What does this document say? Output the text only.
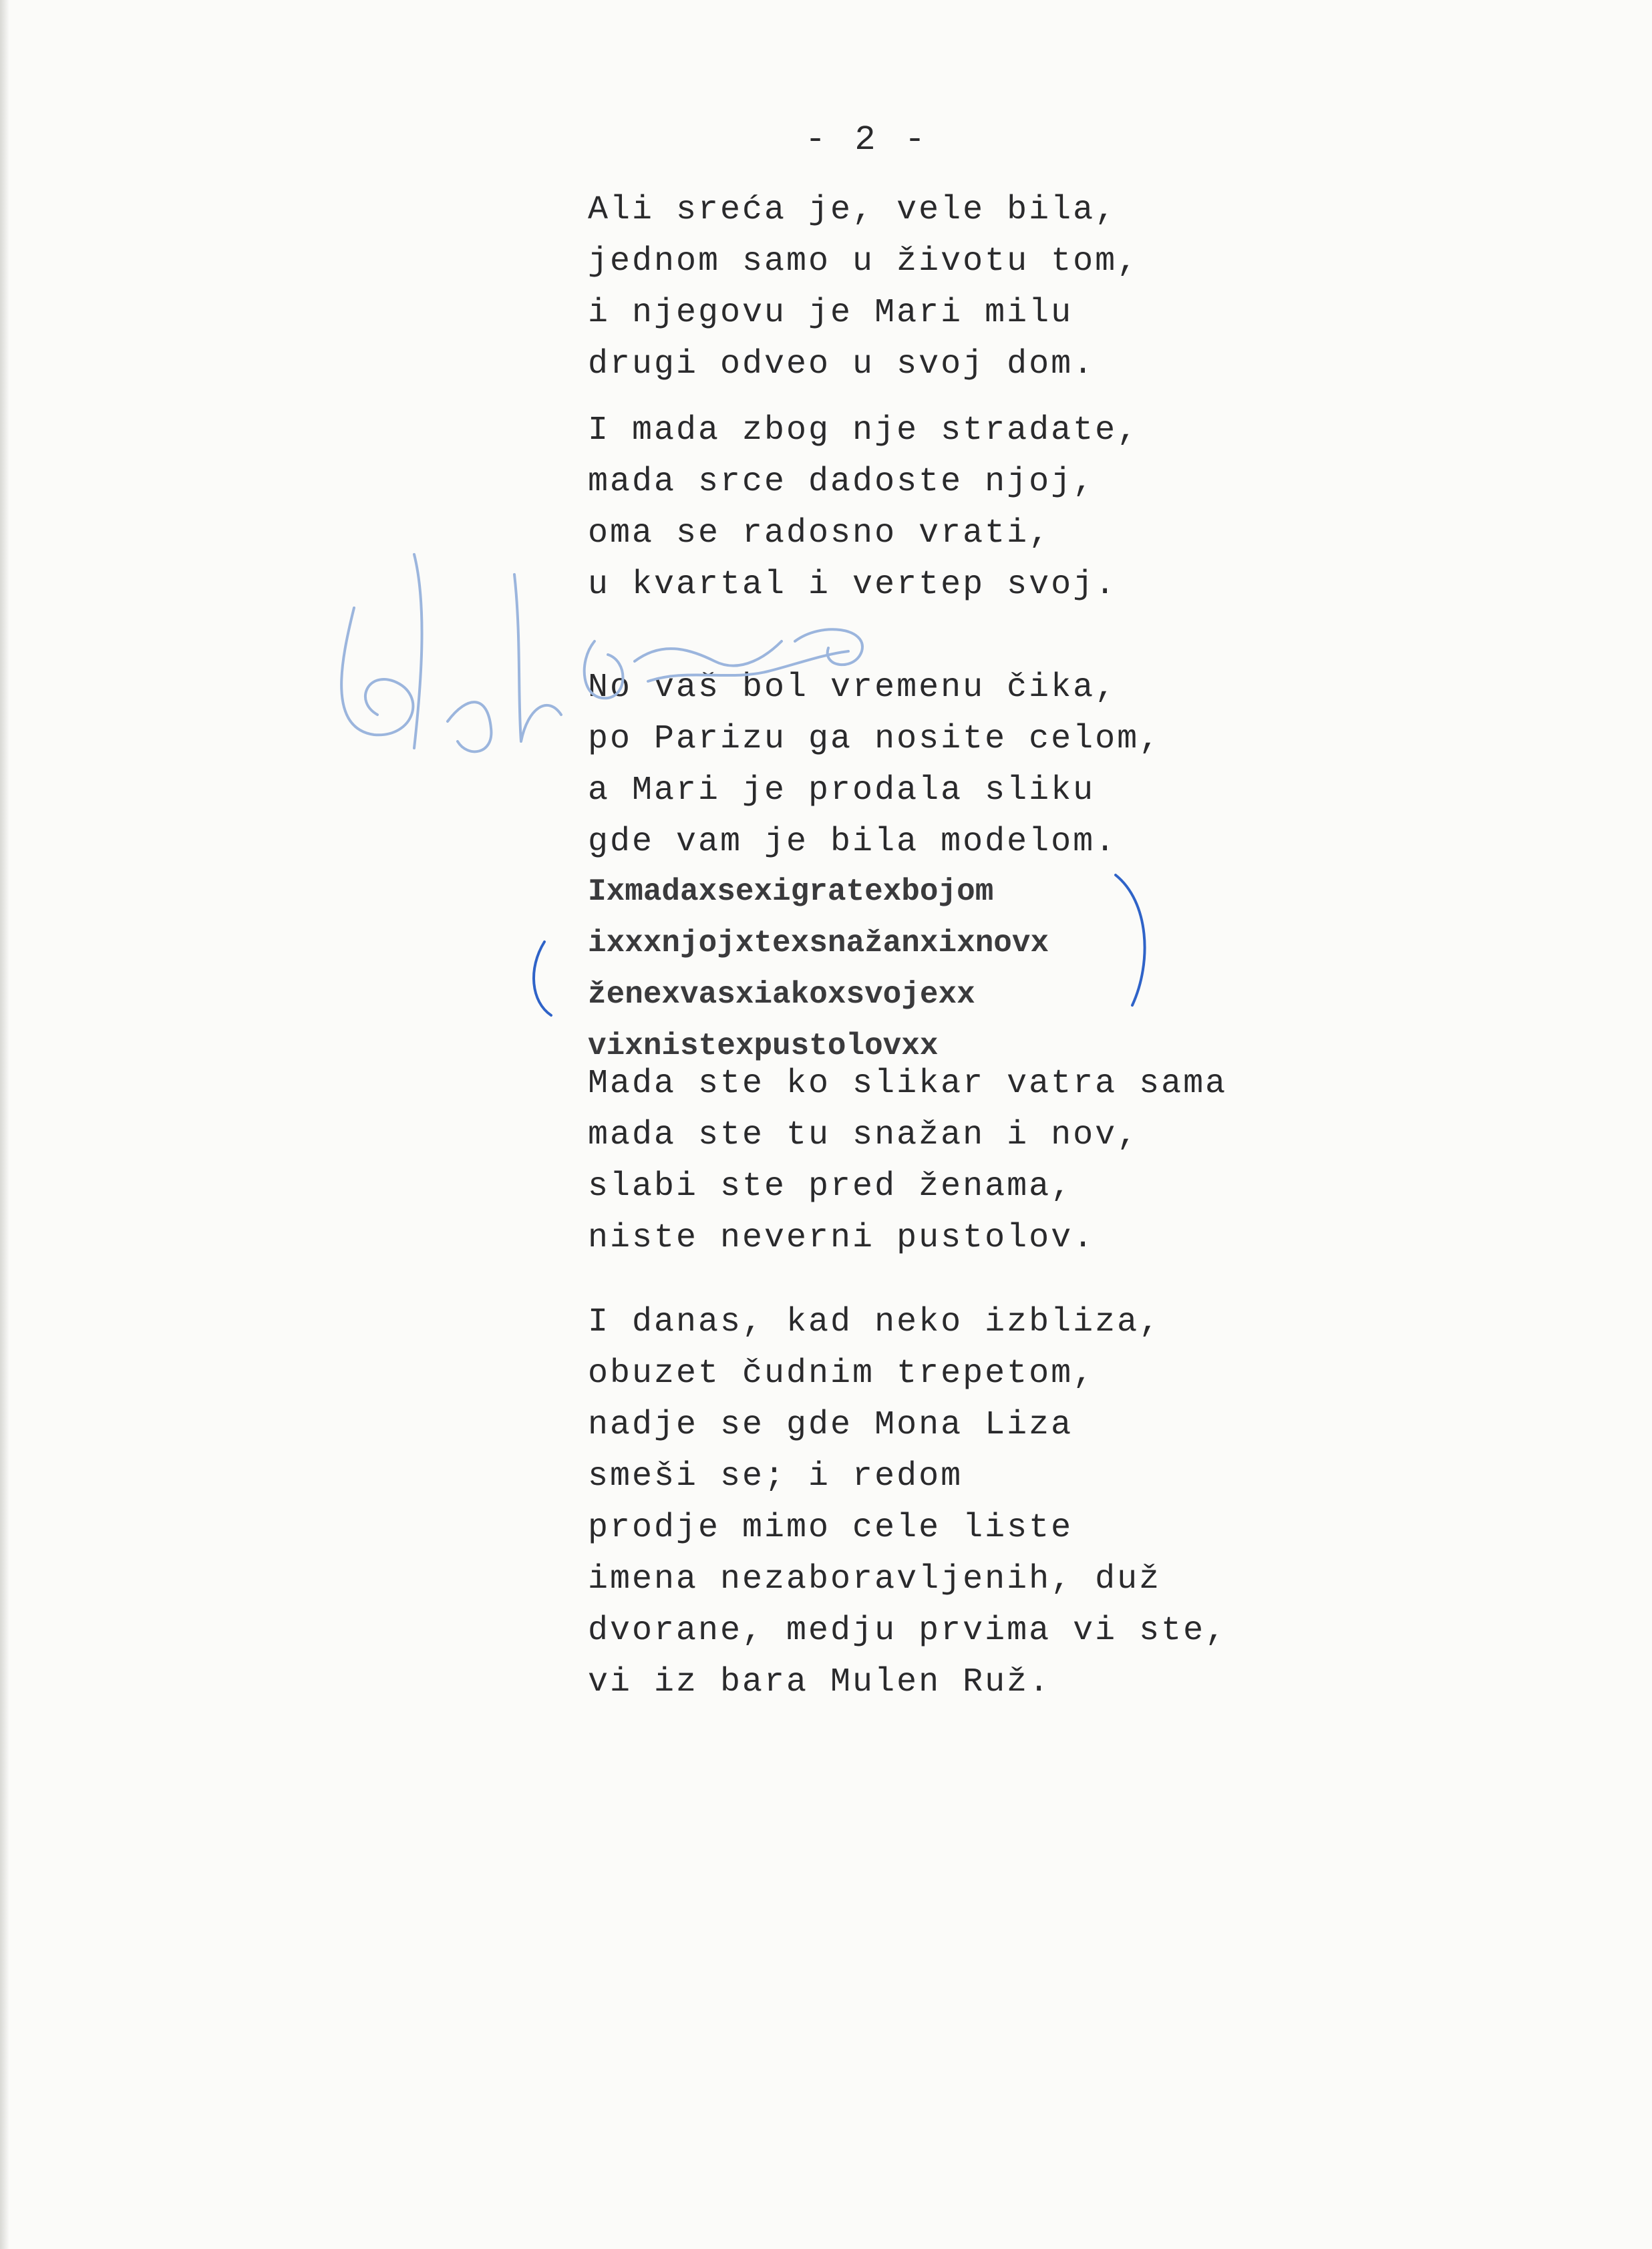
- 2 -
Ali sreća je, vele bila,
jednom samo u životu tom,
i njegovu je Mari milu
drugi odveo u svoj dom.
I mada zbog nje stradate,
mada srce dadoste njoj,
oma se radosno vrati,
u kvartal i vertep svoj.
No vaš bol vremenu čika,
po Parizu ga nosite celom,
a Mari je prodala sliku
gde vam je bila modelom.
Ixmadaxsexigratexbojom
ixxxnjojxtexsnažanxixnovx
ženexvasxiakoxsvojexx
vixnistexpustolovxx
Mada ste ko slikar vatra sama
mada ste tu snažan i nov,
slabi ste pred ženama,
niste neverni pustolov.
I danas, kad neko izbliza,
obuzet čudnim trepetom,
nadje se gde Mona Liza
smeši se; i redom
prodje mimo cele liste
imena nezaboravljenih, duž
dvorane, medju prvima vi ste,
vi iz bara Mulen Ruž.
